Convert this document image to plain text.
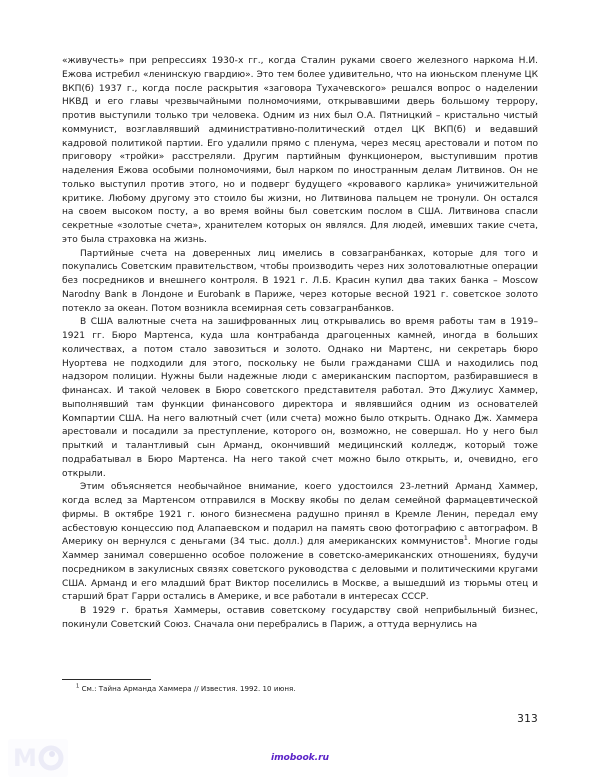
«живучесть» при репрессиях 1930-х гг., когда Сталин руками своего железного наркома Н.И. Ежова истребил «ленинскую гвардию». Это тем более удивительно, что на июньском пленуме ЦК ВКП(б) 1937 г., когда после раскрытия «заговора Тухачевского» решался вопрос о наделении НКВД и его главы чрезвычайными полномочиями, открывавшими дверь большому террору, против выступили только три человека. Одним из них был О.А. Пятницкий – кристально чистый коммунист, возглавлявший административно-политический отдел ЦК ВКП(б) и ведавший кадровой политикой партии. Его удалили прямо с пленума, через месяц арестовали и потом по приговору «тройки» расстреляли. Другим партийным функционером, выступившим против наделения Ежова особыми полномочиями, был нарком по иностранным делам Литвинов. Он не только выступил против этого, но и подверг будущего «кровавого карлика» уничижительной критике. Любому другому это стоило бы жизни, но Литвинова пальцем не тронули. Он остался на своем высоком посту, а во время войны был советским послом в США. Литвинова спасли секретные «золотые счета», хранителем которых он являлся. Для людей, имевших такие счета, это была страховка на жизнь.

Партийные счета на доверенных лиц имелись в совзагранбанках, которые для того и покупались Советским правительством, чтобы производить через них золотовалютные операции без посредников и внешнего контроля. В 1921 г. Л.Б. Красин купил два таких банка – Moscow Narodny Bank в Лондоне и Eurobank в Париже, через которые весной 1921 г. советское золото потекло за океан. Потом возникла всемирная сеть совзагранбанков.

В США валютные счета на зашифрованных лиц открывались во время работы там в 1919–1921 гг. Бюро Мартенса, куда шла контрабанда драгоценных камней, иногда в больших количествах, а потом стало завозиться и золото. Однако ни Мартенс, ни секретарь бюро Нуортева не подходили для этого, поскольку не были гражданами США и находились под надзором полиции. Нужны были надежные люди с американским паспортом, разбиравшиеся в финансах. И такой человек в Бюро советского представителя работал. Это Джулиус Хаммер, выполнявший там функции финансового директора и являвшийся одним из основателей Компартии США. На него валютный счет (или счета) можно было открыть. Однако Дж. Хаммера арестовали и посадили за преступление, которого он, возможно, не совершал. Но у него был прыткий и талантливый сын Арманд, окончивший медицинский колледж, который тоже подрабатывал в Бюро Мартенса. На него такой счет можно было открыть, и, очевидно, его открыли.

Этим объясняется необычайное внимание, коего удостоился 23-летний Арманд Хаммер, когда вслед за Мартенсом отправился в Москву якобы по делам семейной фармацевтической фирмы. В октябре 1921 г. юного бизнесмена радушно принял в Кремле Ленин, передал ему асбестовую концессию под Алапаевском и подарил на память свою фотографию с автографом. В Америку он вернулся с деньгами (34 тыс. долл.) для американских коммунистов$^1$. Многие годы Хаммер занимал совершенно особое положение в советско-американских отношениях, будучи посредником в закулисных связях советского руководства с деловыми и политическими кругами США. Арманд и его младший брат Виктор поселились в Москве, а вышедший из тюрьмы отец и старший брат Гарри остались в Америке, и все работали в интересах СССР.

В 1929 г. братья Хаммеры, оставив советскому государству свой неприбыльный бизнес, покинули Советский Союз. Сначала они перебрались в Париж, а оттуда вернулись на

$^1$ См.: Тайна Арманда Хаммера // Известия. 1992. 10 июня.

313
M	imobook.ru
